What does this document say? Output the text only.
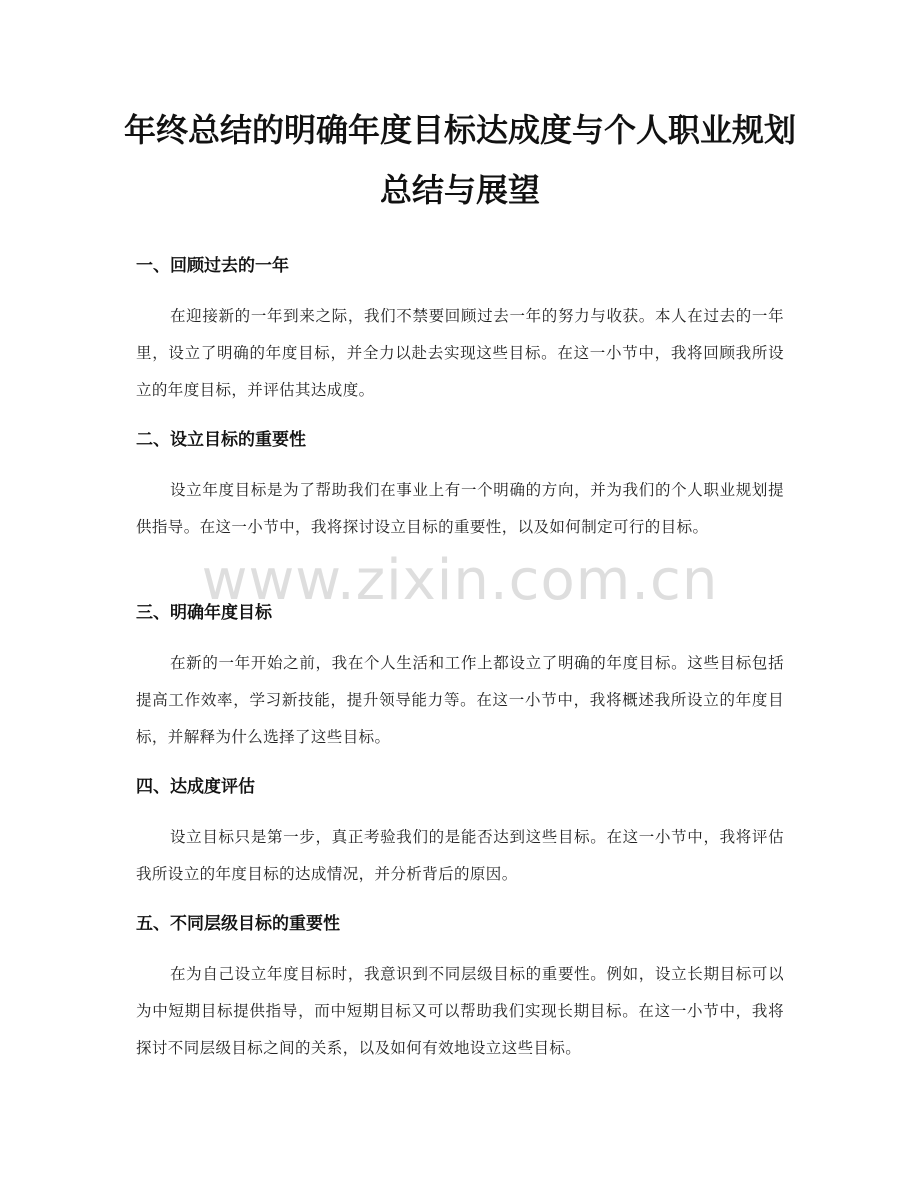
年终总结的明确年度目标达成度与个人职业规划总结与展望
www.zixin.com.cn
一、回顾过去的一年

在迎接新的一年到来之际，我们不禁要回顾过去一年的努力与收获。本人在过去的一年里，设立了明确的年度目标，并全力以赴去实现这些目标。在这一小节中，我将回顾我所设立的年度目标，并评估其达成度。

二、设立目标的重要性

设立年度目标是为了帮助我们在事业上有一个明确的方向，并为我们的个人职业规划提供指导。在这一小节中，我将探讨设立目标的重要性，以及如何制定可行的目标。

三、明确年度目标

在新的一年开始之前，我在个人生活和工作上都设立了明确的年度目标。这些目标包括提高工作效率，学习新技能，提升领导能力等。在这一小节中，我将概述我所设立的年度目标，并解释为什么选择了这些目标。

四、达成度评估

设立目标只是第一步，真正考验我们的是能否达到这些目标。在这一小节中，我将评估我所设立的年度目标的达成情况，并分析背后的原因。

五、不同层级目标的重要性

在为自己设立年度目标时，我意识到不同层级目标的重要性。例如，设立长期目标可以为中短期目标提供指导，而中短期目标又可以帮助我们实现长期目标。在这一小节中，我将探讨不同层级目标之间的关系，以及如何有效地设立这些目标。
